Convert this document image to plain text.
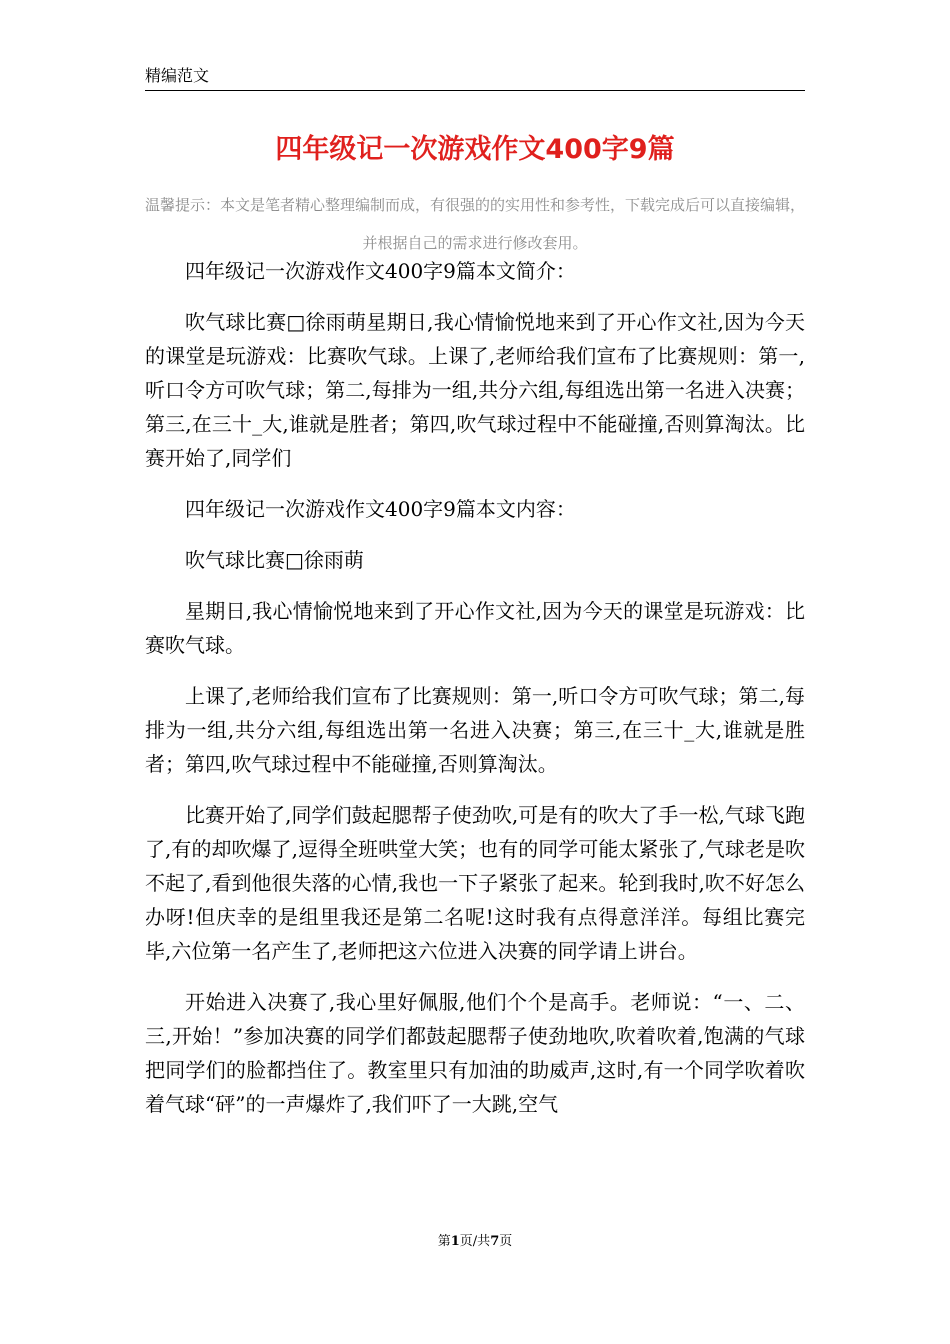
精编范文
四年级记一次游戏作文400字9篇
温馨提示：本文是笔者精心整理编制而成，有很强的的实用性和参考性，下载完成后可以直接编辑，并根据自己的需求进行修改套用。

四年级记一次游戏作文400字9篇本文简介：

吹气球比赛□徐雨萌星期日,我心情愉悦地来到了开心作文社,因为今天的课堂是玩游戏：比赛吹气球。上课了,老师给我们宣布了比赛规则：第一,听口令方可吹气球；第二,每排为一组,共分六组,每组选出第一名进入决赛；第三,在三十_大,谁就是胜者；第四,吹气球过程中不能碰撞,否则算淘汰。比赛开始了,同学们

四年级记一次游戏作文400字9篇本文内容：

吹气球比赛□徐雨萌

星期日,我心情愉悦地来到了开心作文社,因为今天的课堂是玩游戏：比赛吹气球。

上课了,老师给我们宣布了比赛规则：第一,听口令方可吹气球；第二,每排为一组,共分六组,每组选出第一名进入决赛；第三,在三十_大,谁就是胜者；第四,吹气球过程中不能碰撞,否则算淘汰。

比赛开始了,同学们鼓起腮帮子使劲吹,可是有的吹大了手一松,气球飞跑了,有的却吹爆了,逗得全班哄堂大笑；也有的同学可能太紧张了,气球老是吹不起了,看到他很失落的心情,我也一下子紧张了起来。轮到我时,吹不好怎么办呀!但庆幸的是组里我还是第二名呢!这时我有点得意洋洋。每组比赛完毕,六位第一名产生了,老师把这六位进入决赛的同学请上讲台。

开始进入决赛了,我心里好佩服,他们个个是高手。老师说：“一、二、三,开始！”参加决赛的同学们都鼓起腮帮子使劲地吹,吹着吹着,饱满的气球把同学们的脸都挡住了。教室里只有加油的助威声,这时,有一个同学吹着吹着气球“砰”的一声爆炸了,我们吓了一大跳,空气

第1页/共7页
